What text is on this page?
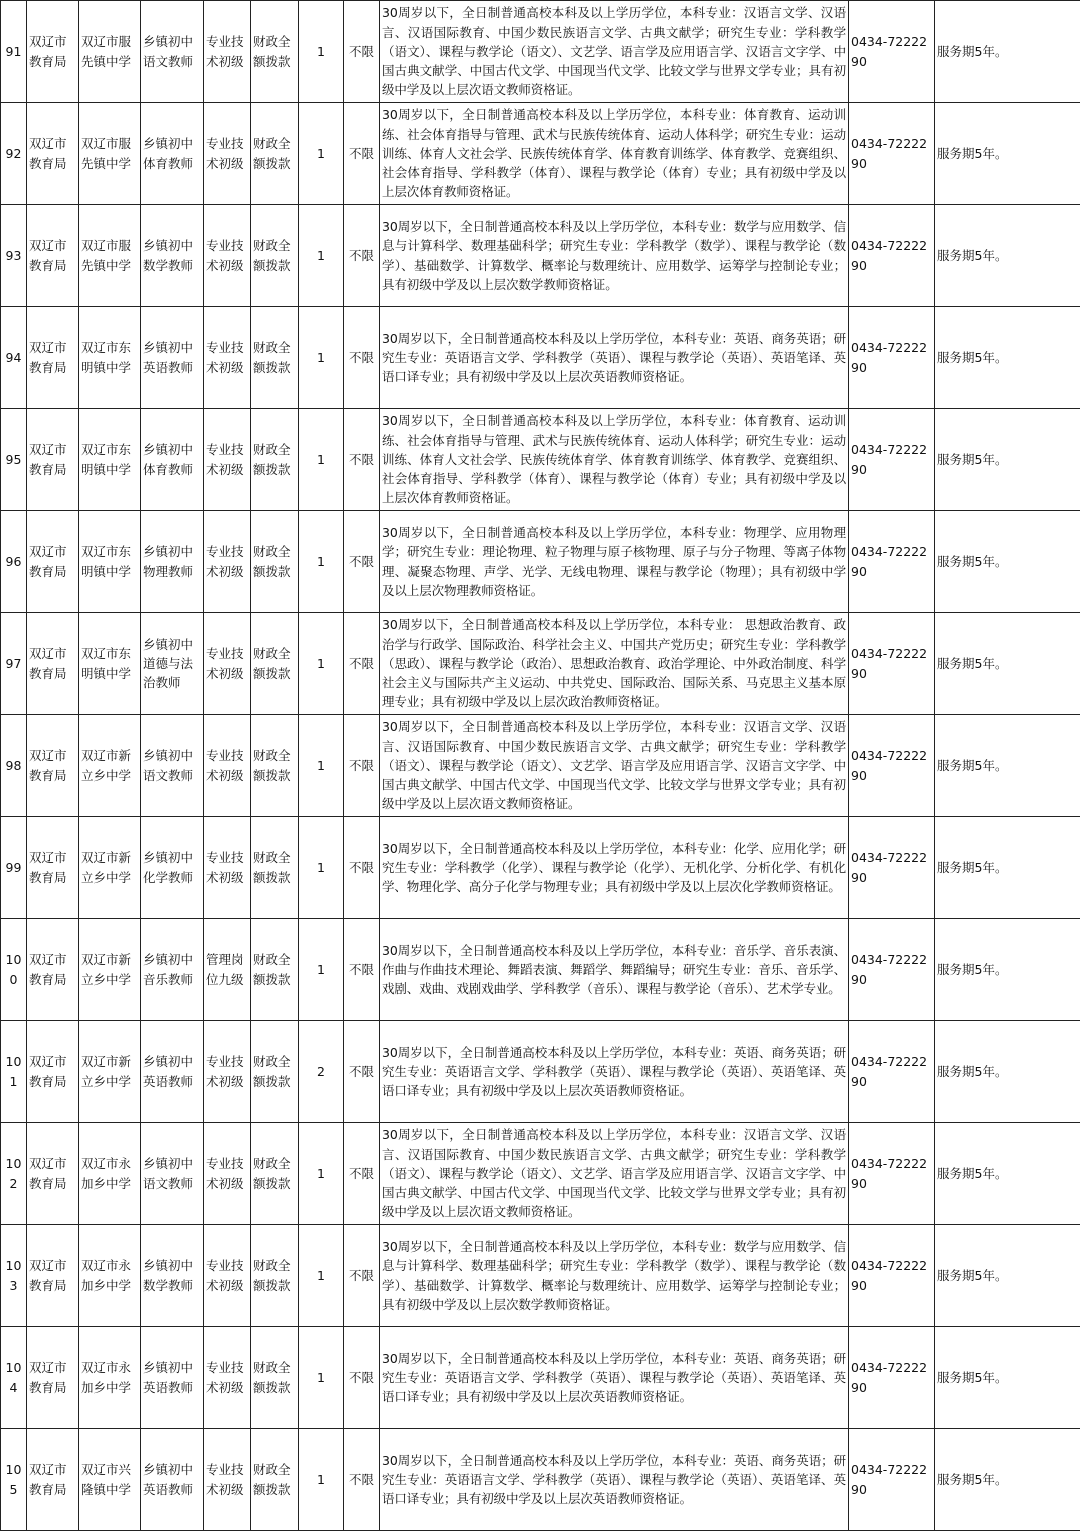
91	双辽市教育局	双辽市服先镇中学	乡镇初中语文教师	专业技术初级	财政全额拨款	1	不限	30周岁以下，全日制普通高校本科及以上学历学位，本科专业：汉语言文学、汉语言、汉语国际教育、中国少数民族语言文学、古典文献学；研究生专业：学科教学（语文）、课程与教学论（语文）、文艺学、语言学及应用语言学、汉语言文字学、中国古典文献学、中国古代文学、中国现当代文学、比较文学与世界文学专业；具有初级中学及以上层次语文教师资格证。	0434-7222290	服务期5年。
92	双辽市教育局	双辽市服先镇中学	乡镇初中体育教师	专业技术初级	财政全额拨款	1	不限	30周岁以下，全日制普通高校本科及以上学历学位，本科专业：体育教育、运动训练、社会体育指导与管理、武术与民族传统体育、运动人体科学；研究生专业：运动训练、体育人文社会学、民族传统体育学、体育教育训练学、体育教学、竞赛组织、社会体育指导、学科教学（体育）、课程与教学论（体育）专业；具有初级中学及以上层次体育教师资格证。	0434-7222290	服务期5年。
93	双辽市教育局	双辽市服先镇中学	乡镇初中数学教师	专业技术初级	财政全额拨款	1	不限	30周岁以下，全日制普通高校本科及以上学历学位，本科专业：数学与应用数学、信息与计算科学、数理基础科学；研究生专业：学科教学（数学）、课程与教学论（数学）、基础数学、计算数学、概率论与数理统计、应用数学、运筹学与控制论专业；具有初级中学及以上层次数学教师资格证。	0434-7222290	服务期5年。
94	双辽市教育局	双辽市东明镇中学	乡镇初中英语教师	专业技术初级	财政全额拨款	1	不限	30周岁以下，全日制普通高校本科及以上学历学位，本科专业：英语、商务英语；研究生专业：英语语言文学、学科教学（英语）、课程与教学论（英语）、英语笔译、英语口译专业；具有初级中学及以上层次英语教师资格证。	0434-7222290	服务期5年。
95	双辽市教育局	双辽市东明镇中学	乡镇初中体育教师	专业技术初级	财政全额拨款	1	不限	30周岁以下，全日制普通高校本科及以上学历学位，本科专业：体育教育、运动训练、社会体育指导与管理、武术与民族传统体育、运动人体科学；研究生专业：运动训练、体育人文社会学、民族传统体育学、体育教育训练学、体育教学、竞赛组织、社会体育指导、学科教学（体育）、课程与教学论（体育）专业；具有初级中学及以上层次体育教师资格证。	0434-7222290	服务期5年。
96	双辽市教育局	双辽市东明镇中学	乡镇初中物理教师	专业技术初级	财政全额拨款	1	不限	30周岁以下，全日制普通高校本科及以上学历学位，本科专业：物理学、应用物理学；研究生专业：理论物理、粒子物理与原子核物理、原子与分子物理、等离子体物理、凝聚态物理、声学、光学、无线电物理、课程与教学论（物理）；具有初级中学及以上层次物理教师资格证。	0434-7222290	服务期5年。
97	双辽市教育局	双辽市东明镇中学	乡镇初中道德与法治教师	专业技术初级	财政全额拨款	1	不限	30周岁以下，全日制普通高校本科及以上学历学位，本科专业： 思想政治教育、政治学与行政学、国际政治、科学社会主义、中国共产党历史；研究生专业：学科教学（思政）、课程与教学论（政治）、思想政治教育、政治学理论、中外政治制度、科学社会主义与国际共产主义运动、中共党史、国际政治、国际关系、马克思主义基本原理专业；具有初级中学及以上层次政治教师资格证。	0434-7222290	服务期5年。
98	双辽市教育局	双辽市新立乡中学	乡镇初中语文教师	专业技术初级	财政全额拨款	1	不限	30周岁以下，全日制普通高校本科及以上学历学位，本科专业：汉语言文学、汉语言、汉语国际教育、中国少数民族语言文学、古典文献学；研究生专业：学科教学（语文）、课程与教学论（语文）、文艺学、语言学及应用语言学、汉语言文字学、中国古典文献学、中国古代文学、中国现当代文学、比较文学与世界文学专业；具有初级中学及以上层次语文教师资格证。	0434-7222290	服务期5年。
99	双辽市教育局	双辽市新立乡中学	乡镇初中化学教师	专业技术初级	财政全额拨款	1	不限	30周岁以下，全日制普通高校本科及以上学历学位，本科专业：化学、应用化学；研究生专业：学科教学（化学）、课程与教学论（化学）、无机化学、分析化学、有机化学、物理化学、高分子化学与物理专业；具有初级中学及以上层次化学教师资格证。	0434-7222290	服务期5年。
100	双辽市教育局	双辽市新立乡中学	乡镇初中音乐教师	管理岗位九级	财政全额拨款	1	不限	30周岁以下，全日制普通高校本科及以上学历学位，本科专业：音乐学、音乐表演、作曲与作曲技术理论、舞蹈表演、舞蹈学、舞蹈编导；研究生专业：音乐、音乐学、戏剧、戏曲、戏剧戏曲学、学科教学（音乐）、课程与教学论（音乐）、艺术学专业。	0434-7222290	服务期5年。
101	双辽市教育局	双辽市新立乡中学	乡镇初中英语教师	专业技术初级	财政全额拨款	2	不限	30周岁以下，全日制普通高校本科及以上学历学位，本科专业：英语、商务英语；研究生专业：英语语言文学、学科教学（英语）、课程与教学论（英语）、英语笔译、英语口译专业；具有初级中学及以上层次英语教师资格证。	0434-7222290	服务期5年。
102	双辽市教育局	双辽市永加乡中学	乡镇初中语文教师	专业技术初级	财政全额拨款	1	不限	30周岁以下，全日制普通高校本科及以上学历学位，本科专业：汉语言文学、汉语言、汉语国际教育、中国少数民族语言文学、古典文献学；研究生专业：学科教学（语文）、课程与教学论（语文）、文艺学、语言学及应用语言学、汉语言文字学、中国古典文献学、中国古代文学、中国现当代文学、比较文学与世界文学专业；具有初级中学及以上层次语文教师资格证。	0434-7222290	服务期5年。
103	双辽市教育局	双辽市永加乡中学	乡镇初中数学教师	专业技术初级	财政全额拨款	1	不限	30周岁以下，全日制普通高校本科及以上学历学位，本科专业：数学与应用数学、信息与计算科学、数理基础科学；研究生专业：学科教学（数学）、课程与教学论（数学）、基础数学、计算数学、概率论与数理统计、应用数学、运筹学与控制论专业；具有初级中学及以上层次数学教师资格证。	0434-7222290	服务期5年。
104	双辽市教育局	双辽市永加乡中学	乡镇初中英语教师	专业技术初级	财政全额拨款	1	不限	30周岁以下，全日制普通高校本科及以上学历学位，本科专业：英语、商务英语；研究生专业：英语语言文学、学科教学（英语）、课程与教学论（英语）、英语笔译、英语口译专业；具有初级中学及以上层次英语教师资格证。	0434-7222290	服务期5年。
105	双辽市教育局	双辽市兴隆镇中学	乡镇初中英语教师	专业技术初级	财政全额拨款	1	不限	30周岁以下，全日制普通高校本科及以上学历学位，本科专业：英语、商务英语；研究生专业：英语语言文学、学科教学（英语）、课程与教学论（英语）、英语笔译、英语口译专业；具有初级中学及以上层次英语教师资格证。	0434-7222290	服务期5年。
